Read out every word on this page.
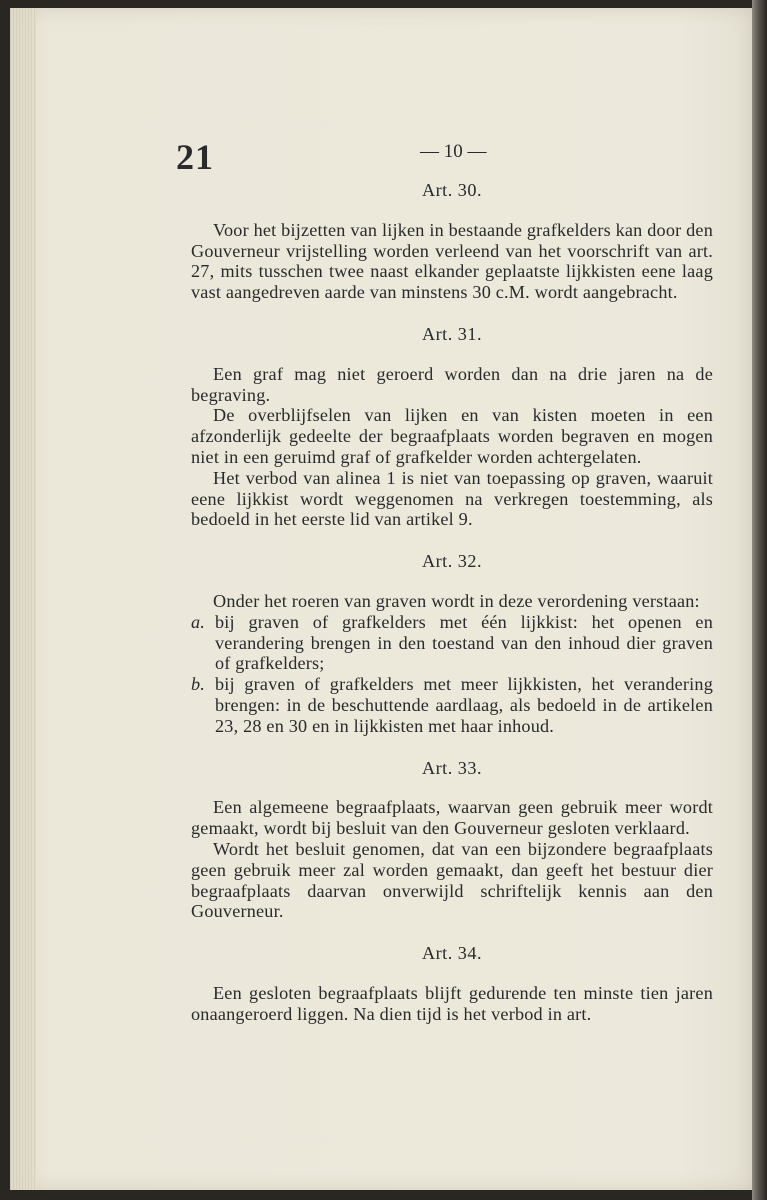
21	— 10 —
Art. 30.
Voor het bijzetten van lijken in bestaande grafkelders kan door den Gouverneur vrijstelling worden verleend van het voorschrift van art. 27, mits tusschen twee naast elkander geplaatste lijkkisten eene laag vast aangedreven aarde van minstens 30 c.M. wordt aangebracht.
Art. 31.
Een graf mag niet geroerd worden dan na drie jaren na de begraving.
De overblijfselen van lijken en van kisten moeten in een afzonderlijk gedeelte der begraafplaats worden begraven en mogen niet in een geruimd graf of grafkelder worden achtergelaten.
Het verbod van alinea 1 is niet van toepassing op graven, waaruit eene lijkkist wordt weggenomen na verkregen toestemming, als bedoeld in het eerste lid van artikel 9.
Art. 32.
Onder het roeren van graven wordt in deze verordening verstaan:
a. bij graven of grafkelders met één lijkkist: het openen en verandering brengen in den toestand van den inhoud dier graven of grafkelders;
b. bij graven of grafkelders met meer lijkkisten, het verandering brengen: in de beschuttende aardlaag, als bedoeld in de artikelen 23, 28 en 30 en in lijkkisten met haar inhoud.
Art. 33.
Een algemeene begraafplaats, waarvan geen gebruik meer wordt gemaakt, wordt bij besluit van den Gouverneur gesloten verklaard.
Wordt het besluit genomen, dat van een bijzondere begraafplaats geen gebruik meer zal worden gemaakt, dan geeft het bestuur dier begraafplaats daarvan onverwijld schriftelijk kennis aan den Gouverneur.
Art. 34.
Een gesloten begraafplaats blijft gedurende ten minste tien jaren onaangeroerd liggen. Na dien tijd is het verbod in art.
